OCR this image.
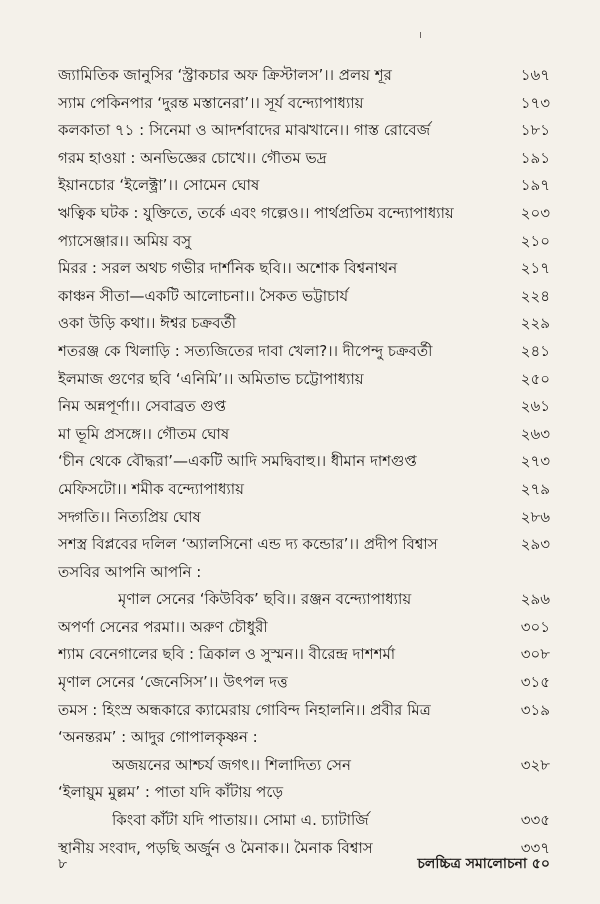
জ্যামিতিক জানুসির ‘স্ট্রাকচার অফ ক্রিস্টালস’।। প্রলয় শূর	১৬৭
স্যাম পেকিনপার ‘দুরন্ত মস্তানেরা’।। সূর্য বন্দ্যোপাধ্যায়	১৭৩
কলকাতা ৭১ : সিনেমা ও আদর্শবাদের মাঝখানে।। গাস্ত রোবের্জ	১৮১
গরম হাওয়া : অনভিজ্ঞের চোখে।। গৌতম ভদ্র	১৯১
ইয়ানচোর ‘ইলেক্ট্রা’।। সোমেন ঘোষ	১৯৭
ঋত্বিক ঘটক : যুক্তিতে, তর্কে এবং গল্পেও।। পার্থপ্রতিম বন্দ্যোপাধ্যায়	২০৩
প্যাসেঞ্জার।। অমিয় বসু	২১০
মিরর : সরল অথচ গভীর দার্শনিক ছবি।। অশোক বিশ্বনাথন	২১৭
কাঞ্চন সীতা—একটি আলোচনা।। সৈকত ভট্টাচার্য	২২৪
ওকা উড়ি কথা।। ঈশ্বর চক্রবর্তী	২২৯
শতরঞ্জ কে খিলাড়ি : সত্যজিতের দাবা খেলা?।। দীপেন্দু চক্রবর্তী	২৪১
ইলমাজ গুণের ছবি ‘এনিমি’।। অমিতাভ চট্টোপাধ্যায়	২৫০
নিম অন্নপূর্ণা।। সেবাব্রত গুপ্ত	২৬১
মা ভূমি প্রসঙ্গে।। গৌতম ঘোষ	২৬৩
‘চীন থেকে বৌদ্ধরা’—একটি আদি সমদ্বিবাহু।। ধীমান দাশগুপ্ত	২৭৩
মেফিসটো।। শমীক বন্দ্যোপাধ্যায়	২৭৯
সদ্গতি।। নিত্যপ্রিয় ঘোষ	২৮৬
সশস্ত্র বিপ্লবের দলিল ‘অ্যালসিনো এন্ড দ্য কন্ডোর’।। প্রদীপ বিশ্বাস	২৯৩
তসবির আপনি আপনি :
মৃণাল সেনের ‘কিউবিক’ ছবি।। রঞ্জন বন্দ্যোপাধ্যায়	২৯৬
অপর্ণা সেনের পরমা।। অরুণ চৌধুরী	৩০১
শ্যাম বেনেগালের ছবি : ত্রিকাল ও সুস্মন।। বীরেন্দ্র দাশশর্মা	৩০৮
মৃণাল সেনের ‘জেনেসিস’।। উৎপল দত্ত	৩১৫
তমস : হিংস্র অন্ধকারে ক্যামেরায় গোবিন্দ নিহালনি।। প্রবীর মিত্র	৩১৯
‘অনন্তরম’ : আদুর গোপালকৃষ্ণন :
অজয়নের আশ্চর্য জগৎ।। শিলাদিত্য সেন	৩২৮
‘ইলায়ুম মুল্লম’ : পাতা যদি কাঁটায় পড়ে
কিংবা কাঁটা যদি পাতায়।। সোমা এ. চ্যাটার্জি	৩৩৫
স্থানীয় সংবাদ, পড়ছি অর্জুন ও মৈনাক।। মৈনাক বিশ্বাস	৩৩৭
৮	চলচ্চিত্র সমালোচনা ৫০
